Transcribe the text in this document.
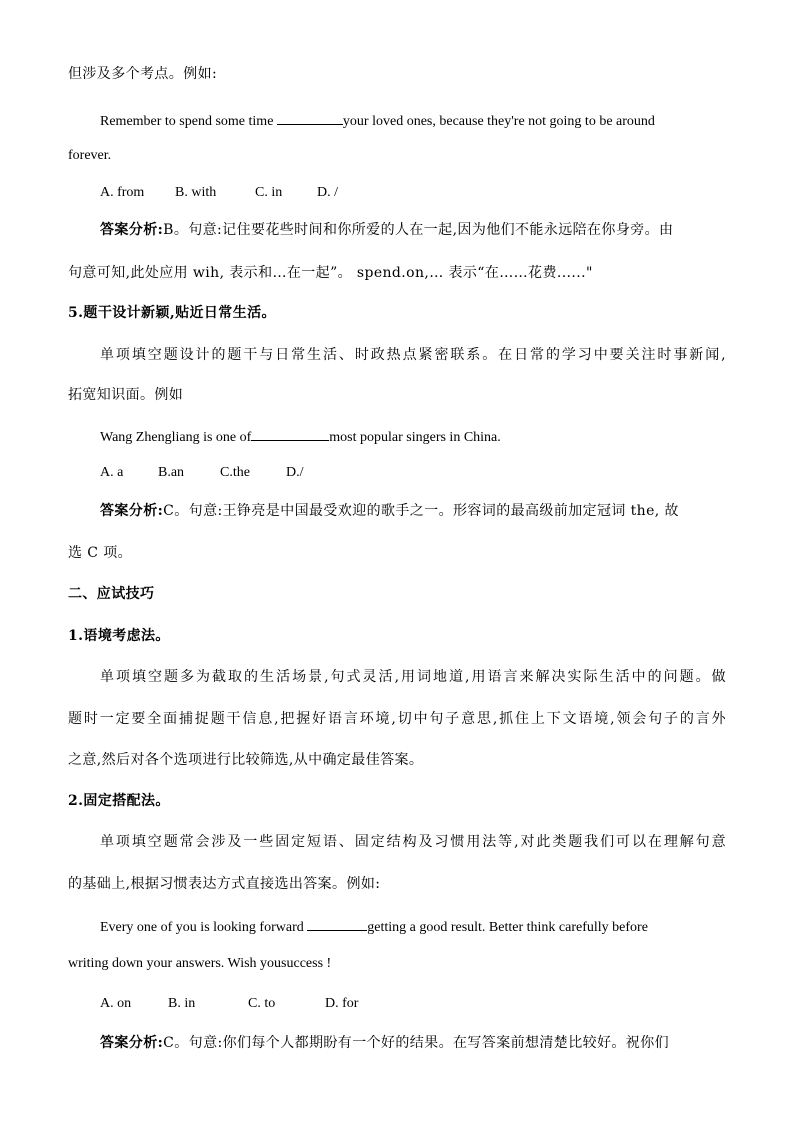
但涉及多个考点。例如:
Remember to spend some time	your loved ones, because they're not going to be around
forever.
A. from B. with	C. in D. /
答案分析:B。句意:记住要花些时间和你所爱的人在一起,因为他们不能永远陪在你身旁。由
句意可知,此处应用 wih, 表示和…在一起”。 spend.on,… 表示“在……花费......"
5.题干设计新颖,贴近日常生活。
单项填空题设计的题干与日常生活、时政热点紧密联系。在日常的学习中要关注时事新闻,
拓宽知识面。例如
Wang Zhengliang is one of	most popular singers in China.
A. a B.an	C.the	D./
答案分析:C。句意:王铮亮是中国最受欢迎的歌手之一。形容词的最高级前加定冠词 the, 故
选 C 项。
二、应试技巧
1.语境考虑法。
单项填空题多为截取的生活场景,句式灵活,用词地道,用语言来解决实际生活中的问题。做
题时一定要全面捕捉题干信息,把握好语言环境,切中句子意思,抓住上下文语境,领会句子的言外
之意,然后对各个选项进行比较筛选,从中确定最佳答案。
2.固定搭配法。
单项填空题常会涉及一些固定短语、固定结构及习惯用法等,对此类题我们可以在理解句意
的基础上,根据习惯表达方式直接选出答案。例如:
Every one of you is looking forward	getting a good result. Better think carefully before
writing down your answers. Wish yousuccess !
A. on	B. in	C. to	D. for
答案分析:C。句意:你们每个人都期盼有一个好的结果。在写答案前想清楚比较好。祝你们
